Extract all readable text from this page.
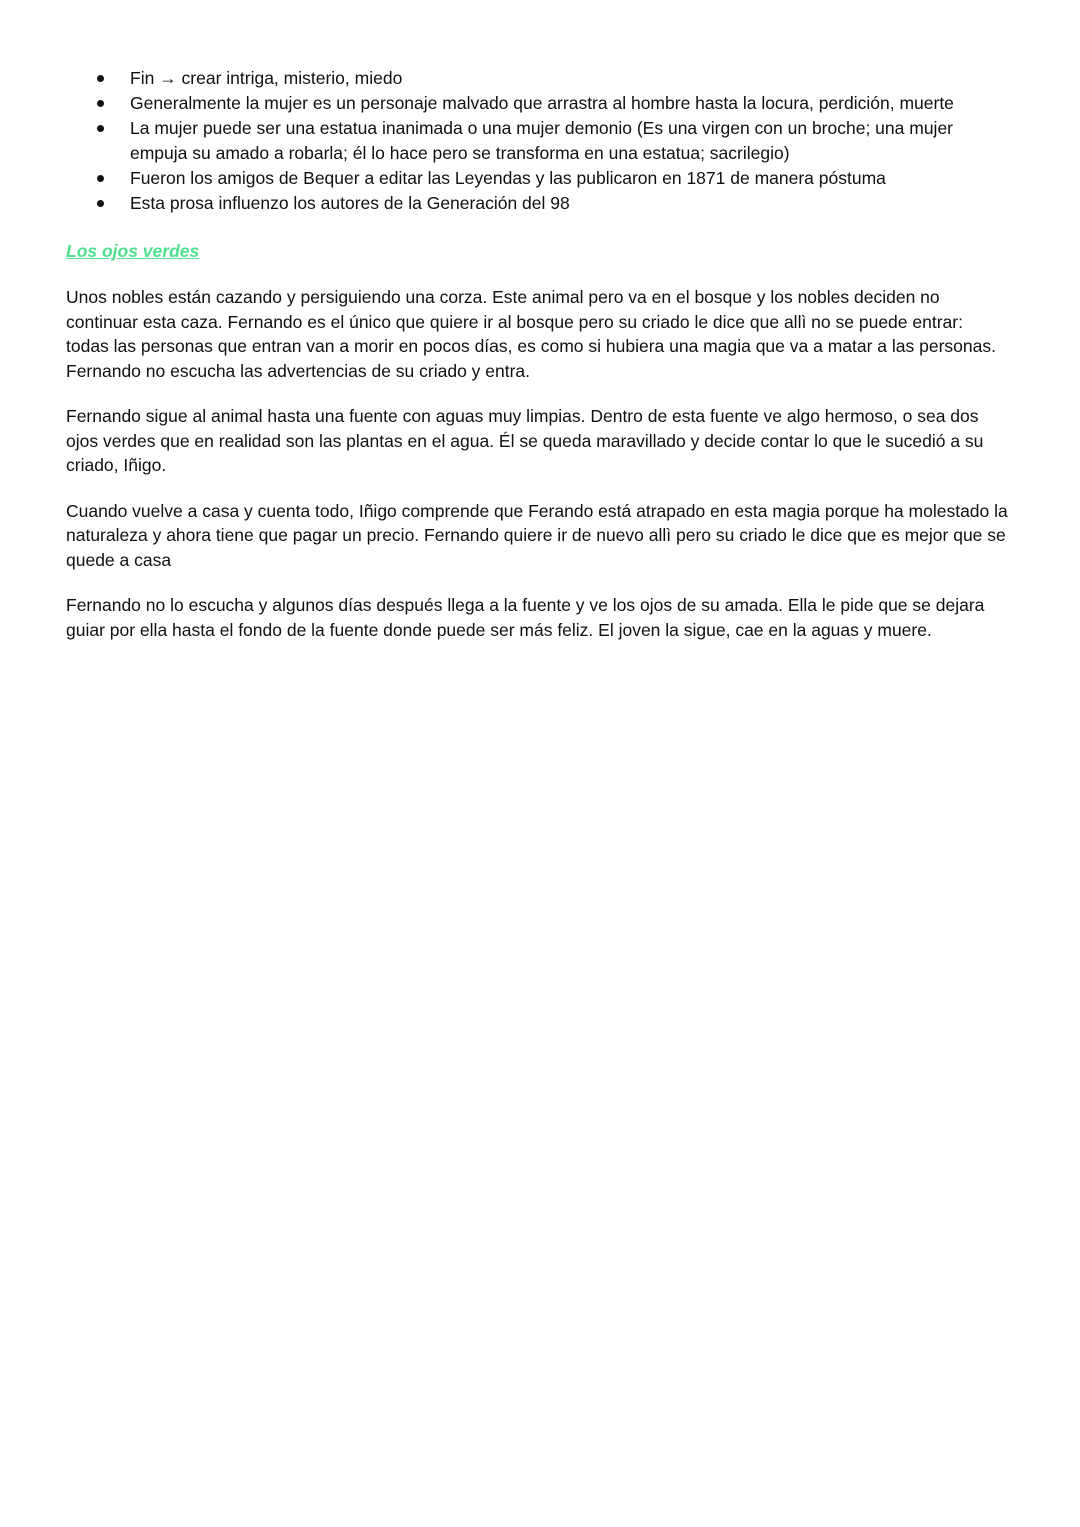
Fin → crear intriga, misterio, miedo
Generalmente la mujer es un personaje malvado que arrastra al hombre hasta la locura, perdición, muerte
La mujer puede ser una estatua inanimada o una mujer demonio (Es una virgen con un broche; una mujer empuja su amado a robarla; él lo hace pero se transforma en una estatua; sacrilegio)
Fueron los amigos de Bequer a editar las Leyendas y las publicaron en 1871 de manera póstuma
Esta prosa influenzo los autores de la Generación del 98
Los ojos verdes

Unos nobles están cazando y persiguiendo una corza. Este animal pero va en el bosque y los nobles deciden no continuar esta caza. Fernando es el único que quiere ir al bosque pero su criado le dice que allì no se puede entrar: todas las personas que entran van a morir en pocos días, es como si hubiera una magia que va a matar a las personas. Fernando no escucha las advertencias de su criado y entra.

Fernando sigue al animal hasta una fuente con aguas muy limpias. Dentro de esta fuente ve algo hermoso, o sea dos ojos verdes que en realidad son las plantas en el agua. Él se queda maravillado y decide contar lo que le sucedió a su criado, Iñigo.

Cuando vuelve a casa y cuenta todo, Iñigo comprende que Ferando está atrapado en esta magia porque ha molestado la naturaleza y ahora tiene que pagar un precio. Fernando quiere ir de nuevo allì pero su criado le dice que es mejor que se quede a casa

Fernando no lo escucha y algunos días después llega a la fuente y ve los ojos de su amada. Ella le pide que se dejara guiar por ella hasta el fondo de la fuente donde puede ser más feliz. El joven la sigue, cae en la aguas y muere.
